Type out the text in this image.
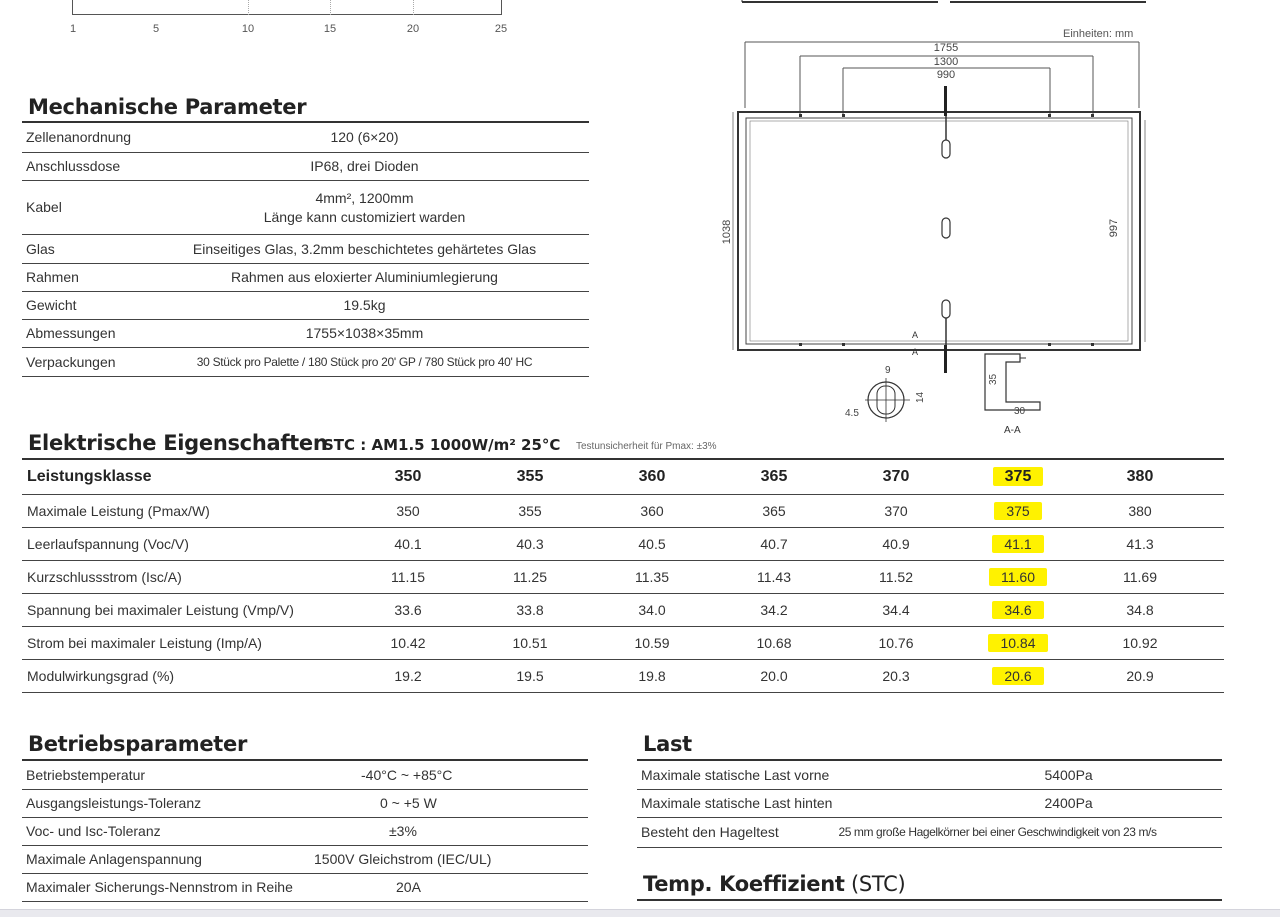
1	5	10	15	20	25
Mechanische Parameter
Zellenanordnung	120 (6×20)
Anschlussdose	IP68, drei Dioden
Kabel	4mm², 1200mm
Länge kann customiziert warden

Glas	Einseitiges Glas, 3.2mm beschichtetes gehärtetes Glas
Rahmen	Rahmen aus eloxierter Aluminiumlegierung
Gewicht	19.5kg
Abmessungen	1755×1038×35mm
Verpackungen	30 Stück pro Palette / 180 Stück pro 20' GP / 780 Stück pro 40' HC
Einheiten: mm
1755
1300
990
1038	997
A
A
9
14
4.5
35
30
A-A
Elektrische Eigenschaften
STC : AM1.5 1000W/m² 25°C Testunsicherheit für Pmax: ±3%
Leistungsklasse	350	355	360	365	370	375	380	
Maximale Leistung (Pmax/W)	350	355	360	365	370	375	380	
Leerlaufspannung (Voc/V)	40.1	40.3	40.5	40.7	40.9	41.1	41.3	
Kurzschlussstrom (Isc/A)	11.15	11.25	11.35	11.43	11.52	11.60	11.69	
Spannung bei maximaler Leistung (Vmp/V)	33.6	33.8	34.0	34.2	34.4	34.6	34.8	
Strom bei maximaler Leistung (Imp/A)	10.42	10.51	10.59	10.68	10.76	10.84	10.92	
Modulwirkungsgrad (%)	19.2	19.5	19.8	20.0	20.3	20.6	20.9	
Betriebsparameter
Betriebstemperatur	-40°C ~ +85°C
Ausgangsleistungs-Toleranz	0 ~ +5 W
Voc- und Isc-Toleranz	±3%
Maximale Anlagenspannung	1500V Gleichstrom (IEC/UL)
Maximaler Sicherungs-Nennstrom in Reihe	20A
Last
Maximale statische Last vorne	5400Pa
Maximale statische Last hinten	2400Pa
Besteht den Hageltest	25 mm große Hagelkörner bei einer Geschwindigkeit von 23 m/s
Temp. Koeffizient (STC)
